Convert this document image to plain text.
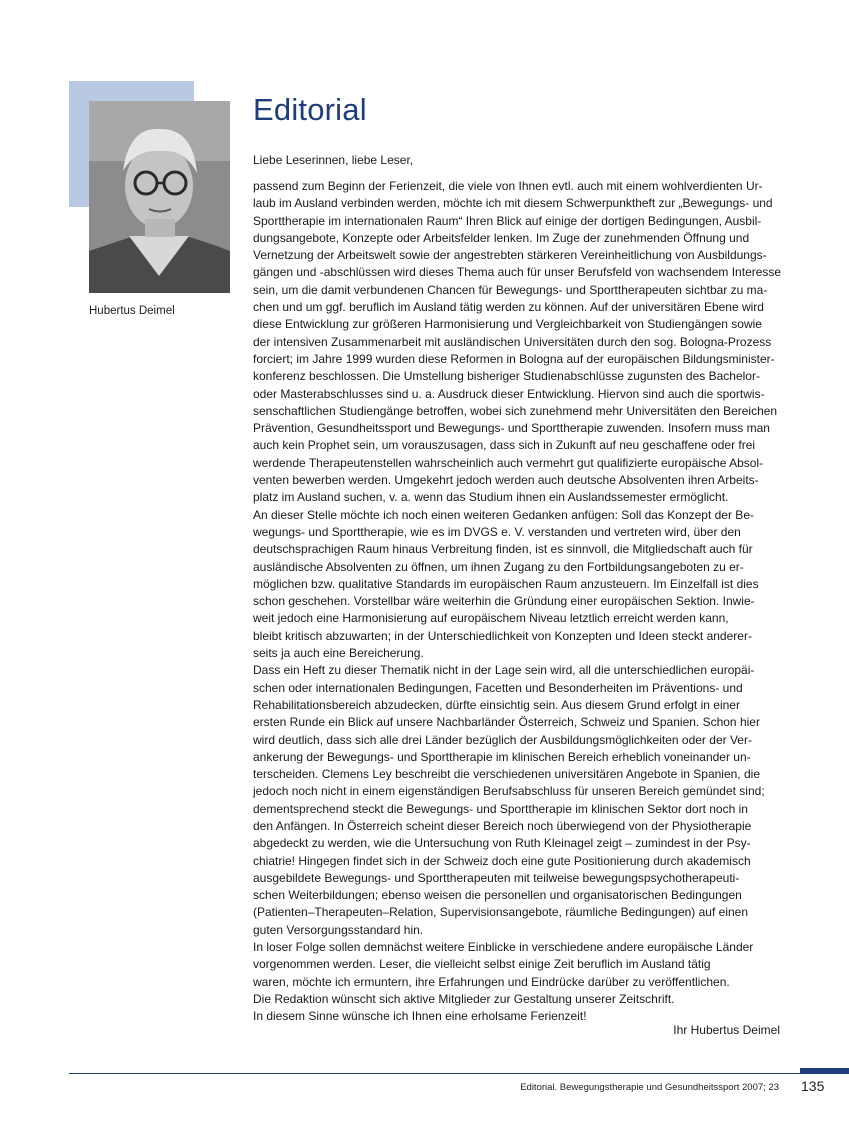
Hubertus Deimel
Editorial

Liebe Leserinnen, liebe Leser,

passend zum Beginn der Ferienzeit, die viele von Ihnen evtl. auch mit einem wohlverdienten Ur-
laub im Ausland verbinden werden, möchte ich mit diesem Schwerpunktheft zur „Bewegungs- und
Sporttherapie im internationalen Raum“ Ihren Blick auf einige der dortigen Bedingungen, Ausbil-
dungsangebote, Konzepte oder Arbeitsfelder lenken. Im Zuge der zunehmenden Öffnung und
Vernetzung der Arbeitswelt sowie der angestrebten stärkeren Vereinheitlichung von Ausbildungs-
gängen und -abschlüssen wird dieses Thema auch für unser Berufsfeld von wachsendem Interesse
sein, um die damit verbundenen Chancen für Bewegungs- und Sporttherapeuten sichtbar zu ma-
chen und um ggf. beruflich im Ausland tätig werden zu können. Auf der universitären Ebene wird
diese Entwicklung zur größeren Harmonisierung und Vergleichbarkeit von Studiengängen sowie
der intensiven Zusammenarbeit mit ausländischen Universitäten durch den sog. Bologna-Prozess
forciert; im Jahre 1999 wurden diese Reformen in Bologna auf der europäischen Bildungsminister-
konferenz beschlossen. Die Umstellung bisheriger Studienabschlüsse zugunsten des Bachelor-
oder Masterabschlusses sind u. a. Ausdruck dieser Entwicklung. Hiervon sind auch die sportwis-
senschaftlichen Studiengänge betroffen, wobei sich zunehmend mehr Universitäten den Bereichen
Prävention, Gesundheitssport und Bewegungs- und Sporttherapie zuwenden. Insofern muss man
auch kein Prophet sein, um vorauszusagen, dass sich in Zukunft auf neu geschaffene oder frei
werdende Therapeutenstellen wahrscheinlich auch vermehrt gut qualifizierte europäische Absol-
venten bewerben werden. Umgekehrt jedoch werden auch deutsche Absolventen ihren Arbeits-
platz im Ausland suchen, v. a. wenn das Studium ihnen ein Auslandssemester ermöglicht.
An dieser Stelle möchte ich noch einen weiteren Gedanken anfügen: Soll das Konzept der Be-
wegungs- und Sporttherapie, wie es im DVGS e. V. verstanden und vertreten wird, über den
deutschsprachigen Raum hinaus Verbreitung finden, ist es sinnvoll, die Mitgliedschaft auch für
ausländische Absolventen zu öffnen, um ihnen Zugang zu den Fortbildungsangeboten zu er-
möglichen bzw. qualitative Standards im europäischen Raum anzusteuern. Im Einzelfall ist dies
schon geschehen. Vorstellbar wäre weiterhin die Gründung einer europäischen Sektion. Inwie-
weit jedoch eine Harmonisierung auf europäischem Niveau letztlich erreicht werden kann,
bleibt kritisch abzuwarten; in der Unterschiedlichkeit von Konzepten und Ideen steckt anderer-
seits ja auch eine Bereicherung.
Dass ein Heft zu dieser Thematik nicht in der Lage sein wird, all die unterschiedlichen europäi-
schen oder internationalen Bedingungen, Facetten und Besonderheiten im Präventions- und
Rehabilitationsbereich abzudecken, dürfte einsichtig sein. Aus diesem Grund erfolgt in einer
ersten Runde ein Blick auf unsere Nachbarländer Österreich, Schweiz und Spanien. Schon hier
wird deutlich, dass sich alle drei Länder bezüglich der Ausbildungsmöglichkeiten oder der Ver-
ankerung der Bewegungs- und Sporttherapie im klinischen Bereich erheblich voneinander un-
terscheiden. Clemens Ley beschreibt die verschiedenen universitären Angebote in Spanien, die
jedoch noch nicht in einem eigenständigen Berufsabschluss für unseren Bereich gemündet sind;
dementsprechend steckt die Bewegungs- und Sporttherapie im klinischen Sektor dort noch in
den Anfängen. In Österreich scheint dieser Bereich noch überwiegend von der Physiotherapie
abgedeckt zu werden, wie die Untersuchung von Ruth Kleinagel zeigt – zumindest in der Psy-
chiatrie! Hingegen findet sich in der Schweiz doch eine gute Positionierung durch akademisch
ausgebildete Bewegungs- und Sporttherapeuten mit teilweise bewegungspsychotherapeuti-
schen Weiterbildungen; ebenso weisen die personellen und organisatorischen Bedingungen
(Patienten–Therapeuten–Relation, Supervisionsangebote, räumliche Bedingungen) auf einen
guten Versorgungsstandard hin.
In loser Folge sollen demnächst weitere Einblicke in verschiedene andere europäische Länder
vorgenommen werden. Leser, die vielleicht selbst einige Zeit beruflich im Ausland tätig
waren, möchte ich ermuntern, ihre Erfahrungen und Eindrücke darüber zu veröffentlichen.
Die Redaktion wünscht sich aktive Mitglieder zur Gestaltung unserer Zeitschrift.
In diesem Sinne wünsche ich Ihnen eine erholsame Ferienzeit!
Ihr Hubertus Deimel
Editorial. Bewegungstherapie und Gesundheitssport 2007; 23 135
